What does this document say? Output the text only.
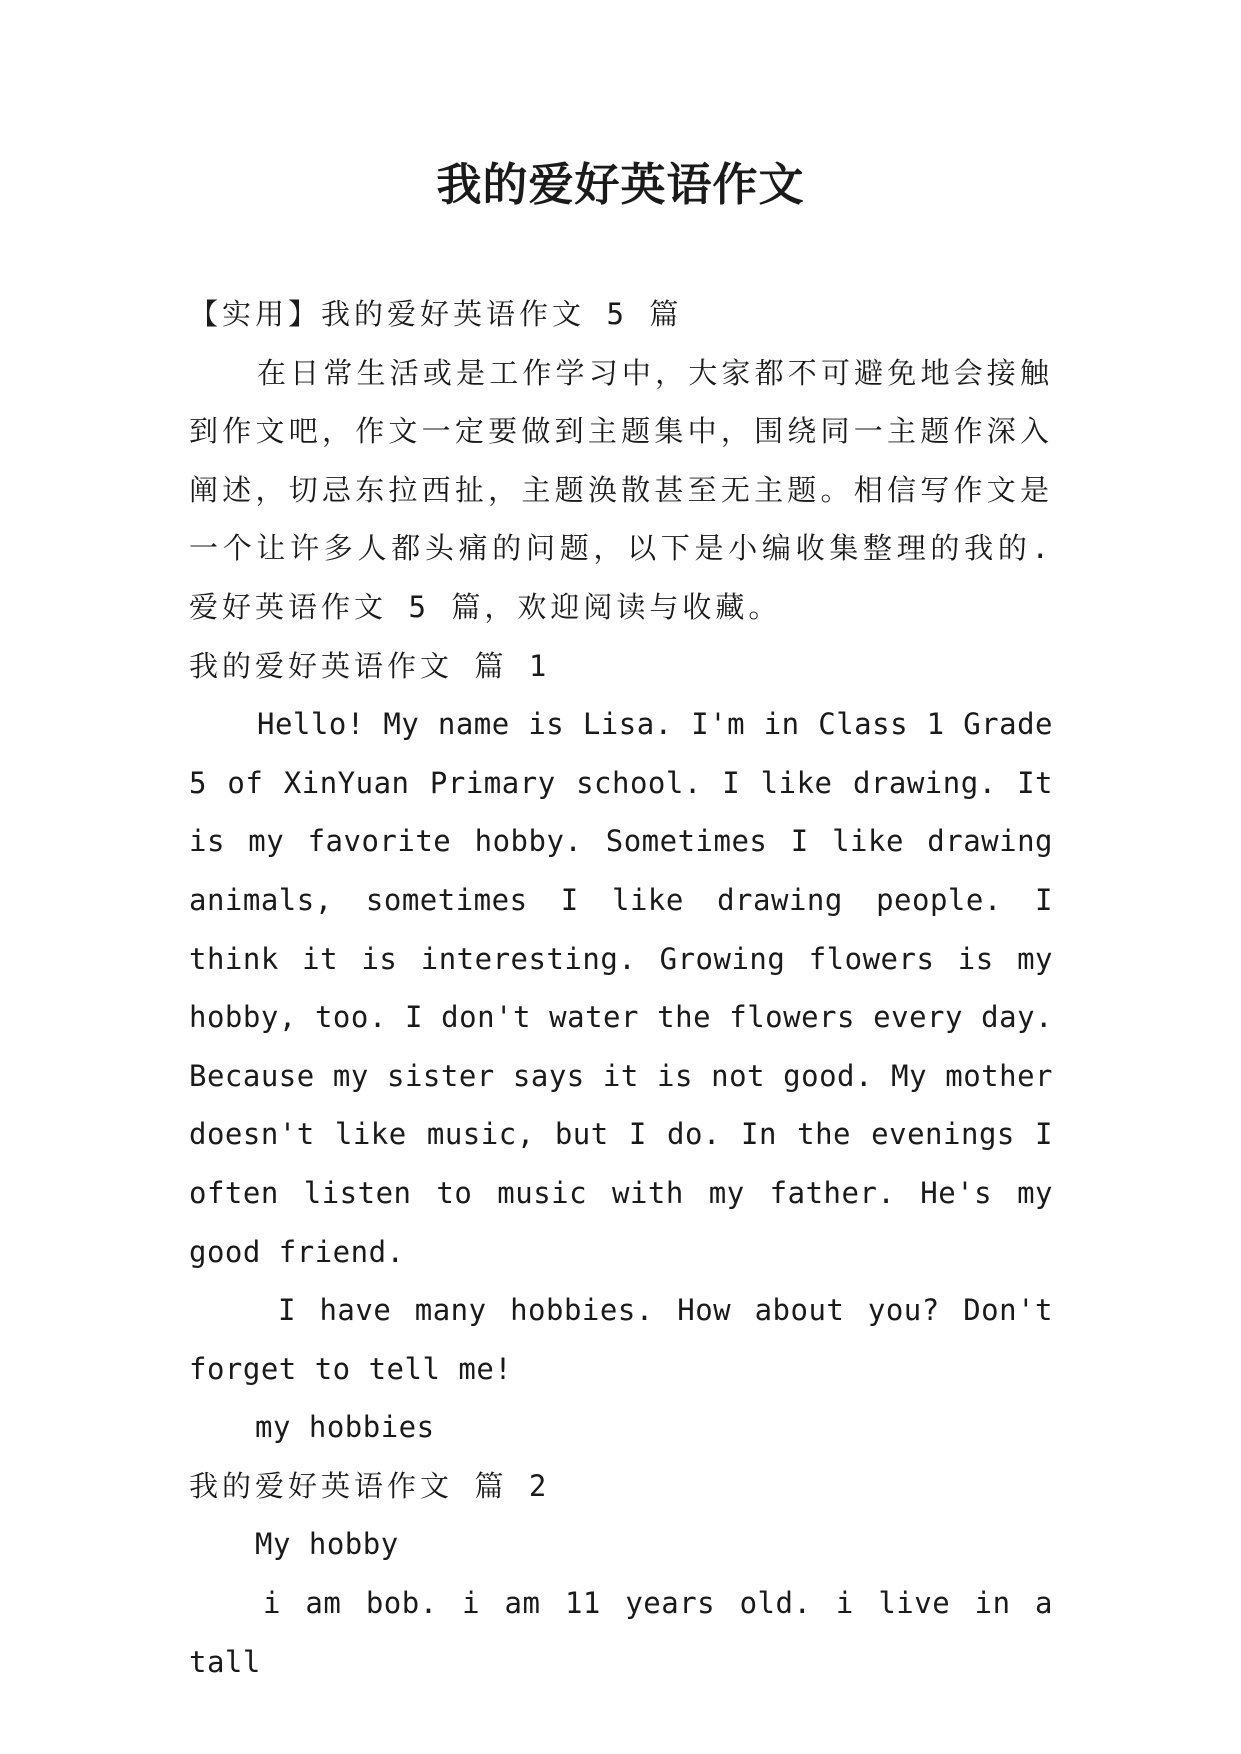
我的爱好英语作文

【实用】我的爱好英语作文 5 篇

在日常生活或是工作学习中，大家都不可避免地会接触到作文吧，作文一定要做到主题集中，围绕同一主题作深入阐述，切忌东拉西扯，主题涣散甚至无主题。相信写作文是一个让许多人都头痛的问题，以下是小编收集整理的我的.爱好英语作文 5 篇，欢迎阅读与收藏。

我的爱好英语作文 篇 1

Hello! My name is Lisa. I'm in Class 1 Grade 5 of XinYuan Primary school. I like drawing. It is my favorite hobby. Sometimes I like drawing animals, sometimes I like drawing people. I think it is interesting. Growing flowers is my hobby, too. I don't water the flowers every day. Because my sister says it is not good. My mother doesn't like music, but I do. In the evenings I often listen to music with my father. He's my good friend.

I have many hobbies. How about you? Don't forget to tell me!

my hobbies

我的爱好英语作文 篇 2

My hobby

i am bob. i am 11 years old. i live in a tall
